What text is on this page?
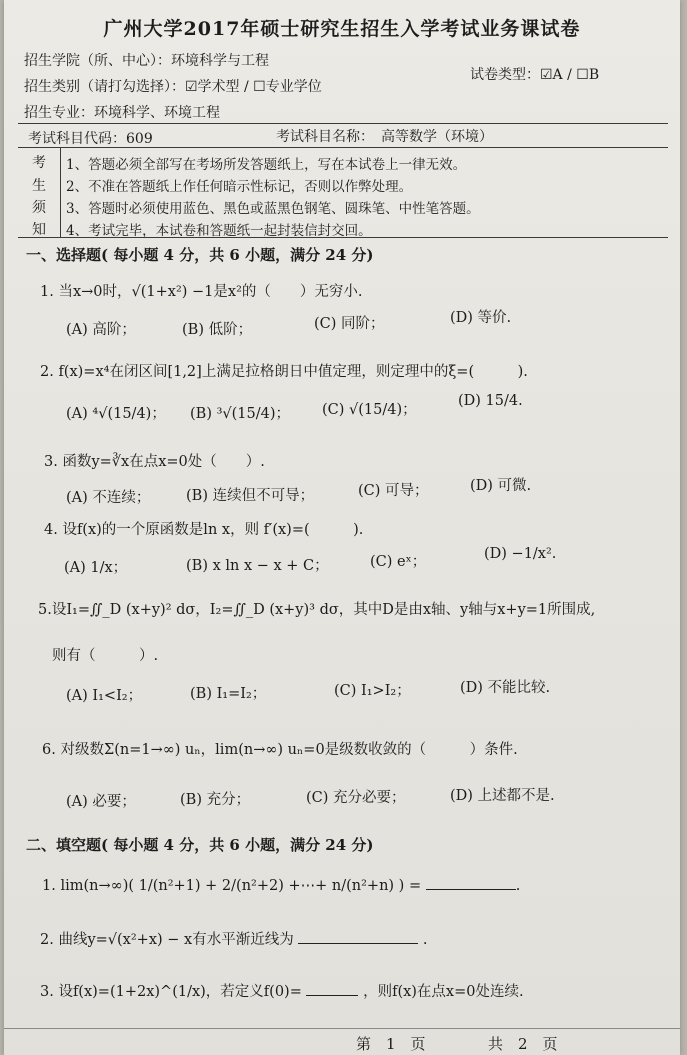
广州大学2017年硕士研究生招生入学考试业务课试卷
招生学院（所、中心）：环境科学与工程
招生类别（请打勾选择）：☑学术型 / ☐专业学位
试卷类型：☑A / ☐B
招生专业：环境科学、环境工程
考试科目代码：609	考试科目名称：　高等数学（环境）
考
生
须
知
1、答题必须全部写在考场所发答题纸上，写在本试卷上一律无效。
2、不准在答题纸上作任何暗示性标记，否则以作弊处理。
3、答题时必须使用蓝色、黑色或蓝黑色钢笔、圆珠笔、中性笔答题。
4、考试完毕，本试卷和答题纸一起封装信封交回。
一、选择题( 每小题 4 分，共 6 小题，满分 24 分)
1. 当x→0时，√(1+x²) −1是x²的（　　）无穷小.
(A) 高阶；	(B) 低阶；	(C) 同阶；	(D) 等价.
2. f(x)=x⁴在闭区间[1,2]上满足拉格朗日中值定理，则定理中的ξ=(　　　).
(A) ⁴√(15/4)； (B) ³√(15/4)； (C) √(15/4)；
(D) 15/4.
3. 函数y=∛x在点x=0处（　　）.
(A) 不连续； (B) 连续但不可导；	(C) 可导；	(D) 可微.
4. 设f(x)的一个原函数是ln x，则 f′(x)=(　　　).
(A) 1/x；	(B) x ln x − x + C；	(C) eˣ；	(D) −1/x².
5.设I₁=∬_D (x+y)² dσ，I₂=∬_D (x+y)³ dσ，其中D是由x轴、y轴与x+y=1所围成,
则有（　　　）.
(A) I₁<I₂；	(B) I₁=I₂；	(C) I₁>I₂；	(D) 不能比较.
6. 对级数Σ(n=1→∞) uₙ，lim(n→∞) uₙ=0是级数收敛的（　　　）条件.
(A) 必要；	(B) 充分；	(C) 充分必要；	(D) 上述都不是.
二、填空题( 每小题 4 分，共 6 小题，满分 24 分)
1. lim(n→∞)( 1/(n²+1) + 2/(n²+2) +⋯+ n/(n²+n) ) =	.
2. 曲线y=√(x²+x) − x有水平渐近线为	.
3. 设f(x)=(1+2x)^(1/x)，若定义f(0)=	，则f(x)在点x=0处连续.
第　1　页	共　2　页
